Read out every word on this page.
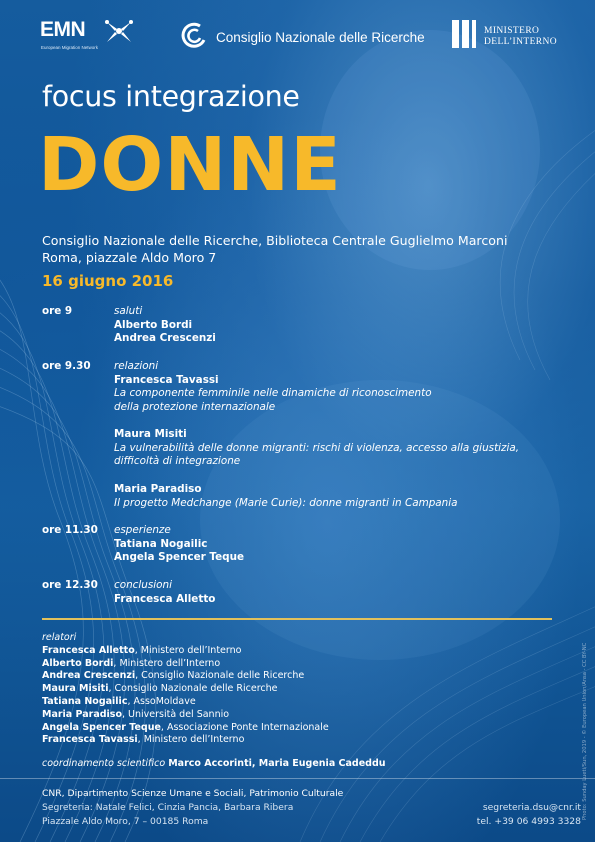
EMN
European Migration Network
Consiglio Nazionale delle Ricerche	MINISTERO
DELL’INTERNO
focus integrazione
DONNE
Consiglio Nazionale delle Ricerche, Biblioteca Centrale Guglielmo Marconi
Roma, piazzale Aldo Moro 7
16 giugno 2016
ore 9	saluti
Alberto Bordi
Andrea Crescenzi
ore 9.30 relazioni
Francesca Tavassi
La componente femminile nelle dinamiche di riconoscimento
della protezione internazionale
Maura Misiti
La vulnerabilità delle donne migranti: rischi di violenza, accesso alla giustizia,
difficoltà di integrazione
Maria Paradiso
Il progetto Medchange (Marie Curie): donne migranti in Campania
ore 11.30 esperienze
Tatiana Nogailic
Angela Spencer Teque
ore 12.30 conclusioni
Francesca Alletto
relatori
Francesca Alletto, Ministero dell’Interno
Alberto Bordi, Ministero dell’Interno
Andrea Crescenzi, Consiglio Nazionale delle Ricerche
Maura Misiti, Consiglio Nazionale delle Ricerche
Tatiana Nogailic, AssoMoldave
Maria Paradiso, Università del Sannio
Angela Spencer Teque, Associazione Ponte Internazionale
Francesca Tavassi, Ministero dell’Interno
coordinamento scientifico Marco Accorinti, Maria Eugenia Cadeddu
CNR, Dipartimento Scienze Umane e Sociali, Patrimonio Culturale
Segreteria: Natale Felici, Cinzia Pancia, Barbara Ribera
Piazzale Aldo Moro, 7 – 00185 Roma
segreteria.dsu@cnr.it
tel. +39 06 4993 3328
Photo: Sunday Lueti/Sun, 2019 - © European Union/Ansa - CC BY-NC
